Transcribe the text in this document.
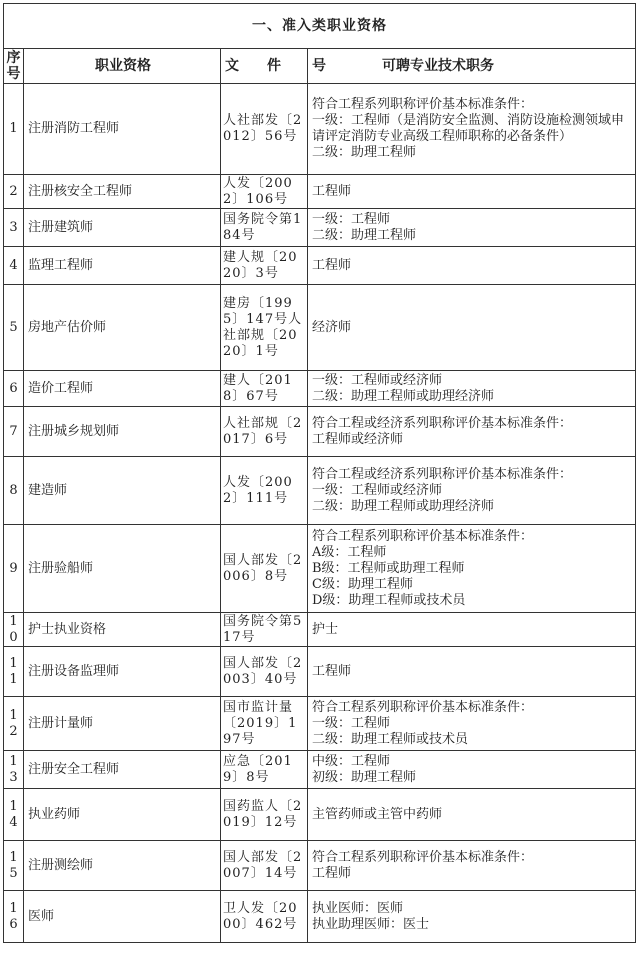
一、准入类职业资格			
序号	职业资格	文　　件	号　　　　可聘专业技术职务
1	注册消防工程师	人社部发〔2012〕56号	符合工程系列职称评价基本标准条件：
一级：工程师（是消防安全监测、消防设施检测领域申请评定消防专业高级工程师职称的必备条件）
二级：助理工程师

2	注册核安全工程师	人发〔2002〕106号	工程师

3	注册建筑师	国务院令第184号	一级：工程师
二级：助理工程师

4	监理工程师	建人规〔2020〕3号	工程师

5	房地产估价师	建房〔1995〕147号人社部规〔2020〕1号	经济师

6	造价工程师	建人〔2018〕67号	一级：工程师或经济师
二级：助理工程师或助理经济师

7	注册城乡规划师	人社部规〔2017〕6号	符合工程或经济系列职称评价基本标准条件：
工程师或经济师

8	建造师	人发〔2002〕111号	符合工程或经济系列职称评价基本标准条件：
一级：工程师或经济师
二级：助理工程师或助理经济师

9	注册验船师	国人部发〔2006〕8号	符合工程系列职称评价基本标准条件：
A级：工程师
B级：工程师或助理工程师
C级：助理工程师
D级：助理工程师或技术员

10	护士执业资格	国务院令第517号	护士

11	注册设备监理师	国人部发〔2003〕40号	工程师

12	注册计量师	国市监计量〔2019〕197号	符合工程系列职称评价基本标准条件：
一级：工程师
二级：助理工程师或技术员

13	注册安全工程师	应急〔2019〕8号	中级：工程师
初级：助理工程师

14	执业药师	国药监人〔2019〕12号	主管药师或主管中药师

15	注册测绘师	国人部发〔2007〕14号	符合工程系列职称评价基本标准条件：
工程师

16	医师	卫人发〔2000〕462号	执业医师：医师
执业助理医师：医士
